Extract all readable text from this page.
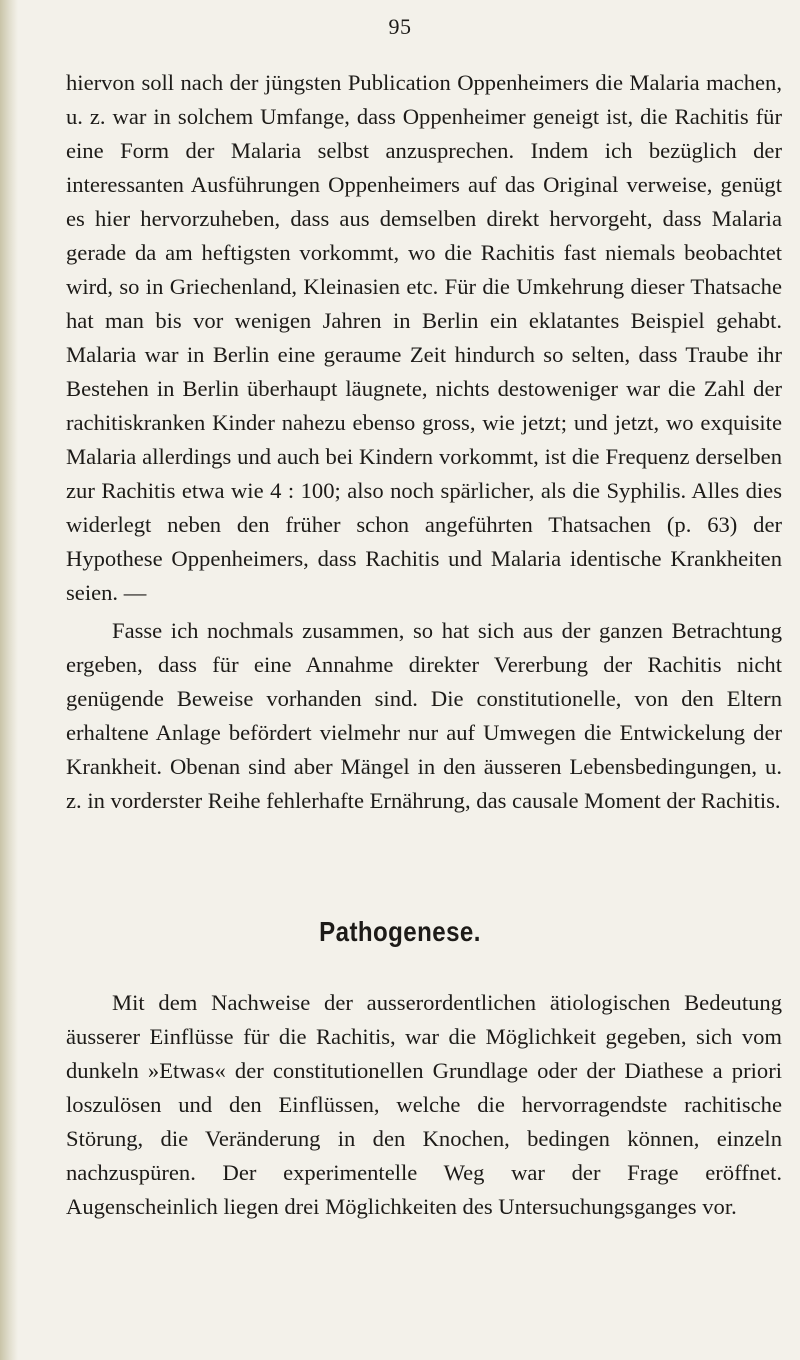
95

hiervon soll nach der jüngsten Publication Oppenheimers die Malaria machen, u. z. war in solchem Umfange, dass Oppenheimer geneigt ist, die Rachitis für eine Form der Malaria selbst anzusprechen. Indem ich bezüglich der interessanten Ausführungen Oppenheimers auf das Original verweise, genügt es hier hervorzuheben, dass aus demselben direkt hervorgeht, dass Malaria gerade da am heftigsten vorkommt, wo die Rachitis fast niemals beobachtet wird, so in Griechenland, Kleinasien etc. Für die Umkehrung dieser Thatsache hat man bis vor wenigen Jahren in Berlin ein eklatantes Beispiel gehabt. Malaria war in Berlin eine geraume Zeit hindurch so selten, dass Traube ihr Bestehen in Berlin überhaupt läugnete, nichts destoweniger war die Zahl der rachitiskranken Kinder nahezu ebenso gross, wie jetzt; und jetzt, wo exquisite Malaria allerdings und auch bei Kindern vorkommt, ist die Frequenz derselben zur Rachitis etwa wie 4 : 100; also noch spärlicher, als die Syphilis. Alles dies widerlegt neben den früher schon angeführten Thatsachen (p. 63) der Hypothese Oppenheimers, dass Rachitis und Malaria identische Krankheiten seien. —

Fasse ich nochmals zusammen, so hat sich aus der ganzen Betrachtung ergeben, dass für eine Annahme direkter Vererbung der Rachitis nicht genügende Beweise vorhanden sind. Die constitutionelle, von den Eltern erhaltene Anlage befördert vielmehr nur auf Umwegen die Entwickelung der Krankheit. Obenan sind aber Mängel in den äusseren Lebensbedingungen, u. z. in vorderster Reihe fehlerhafte Ernährung, das causale Moment der Rachitis.

Pathogenese.

Mit dem Nachweise der ausserordentlichen ätiologischen Bedeutung äusserer Einflüsse für die Rachitis, war die Möglichkeit gegeben, sich vom dunkeln »Etwas« der constitutionellen Grundlage oder der Diathese a priori loszulösen und den Einflüssen, welche die hervorragendste rachitische Störung, die Veränderung in den Knochen, bedingen können, einzeln nachzuspüren. Der experimentelle Weg war der Frage eröffnet. Augenscheinlich liegen drei Möglichkeiten des Untersuchungsganges vor.
